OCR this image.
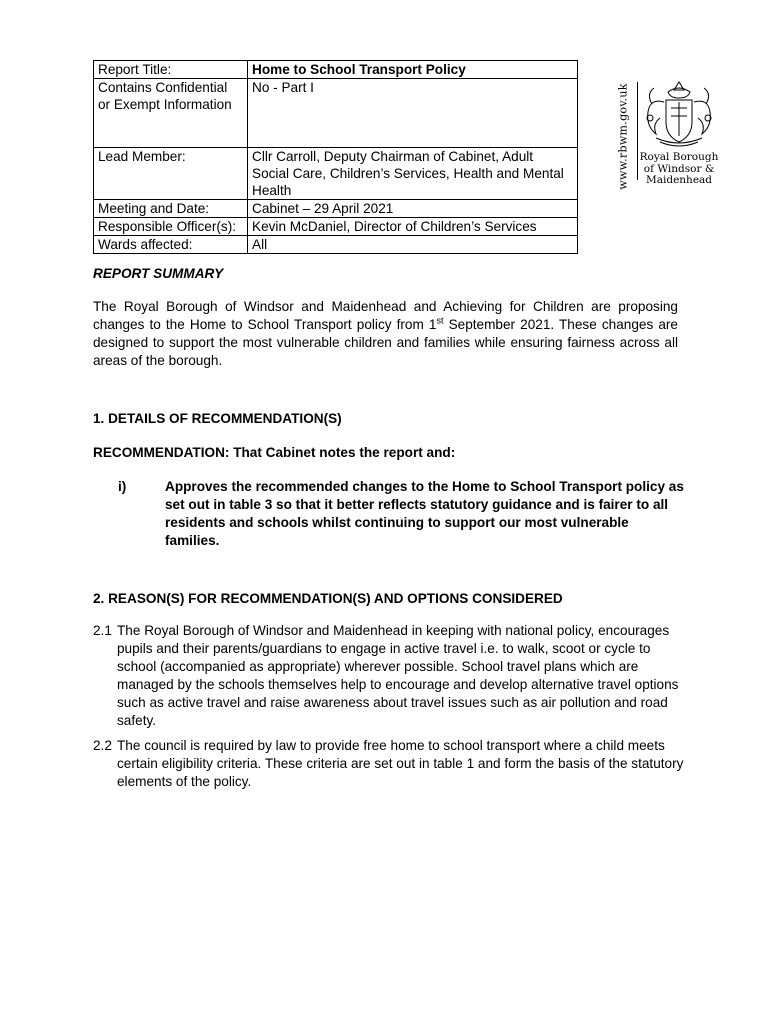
Report Title:	Home to School Transport Policy
Contains Confidential or Exempt Information	No - Part I
Lead Member:	Cllr Carroll, Deputy Chairman of Cabinet, Adult Social Care, Children’s Services, Health and Mental Health
Meeting and Date:	Cabinet – 29 April 2021
Responsible Officer(s):	Kevin McDaniel, Director of Children’s Services
Wards affected:	All
www.rbwm.gov.uk Royal Borough
of Windsor &
Maidenhead
REPORT SUMMARY
The Royal Borough of Windsor and Maidenhead and Achieving for Children are proposing changes to the Home to School Transport policy from 1st September 2021. These changes are designed to support the most vulnerable children and families while ensuring fairness across all areas of the borough.
1. DETAILS OF RECOMMENDATION(S)
RECOMMENDATION: That Cabinet notes the report and:
i)	Approves the recommended changes to the Home to School Transport policy as set out in table 3 so that it better reflects statutory guidance and is fairer to all residents and schools whilst continuing to support our most vulnerable families.
2. REASON(S) FOR RECOMMENDATION(S) AND OPTIONS CONSIDERED
2.1 The Royal Borough of Windsor and Maidenhead in keeping with national policy, encourages pupils and their parents/guardians to engage in active travel i.e. to walk, scoot or cycle to school (accompanied as appropriate) wherever possible. School travel plans which are managed by the schools themselves help to encourage and develop alternative travel options such as active travel and raise awareness about travel issues such as air pollution and road safety.
2.2 The council is required by law to provide free home to school transport where a child meets certain eligibility criteria. These criteria are set out in table 1 and form the basis of the statutory elements of the policy.
